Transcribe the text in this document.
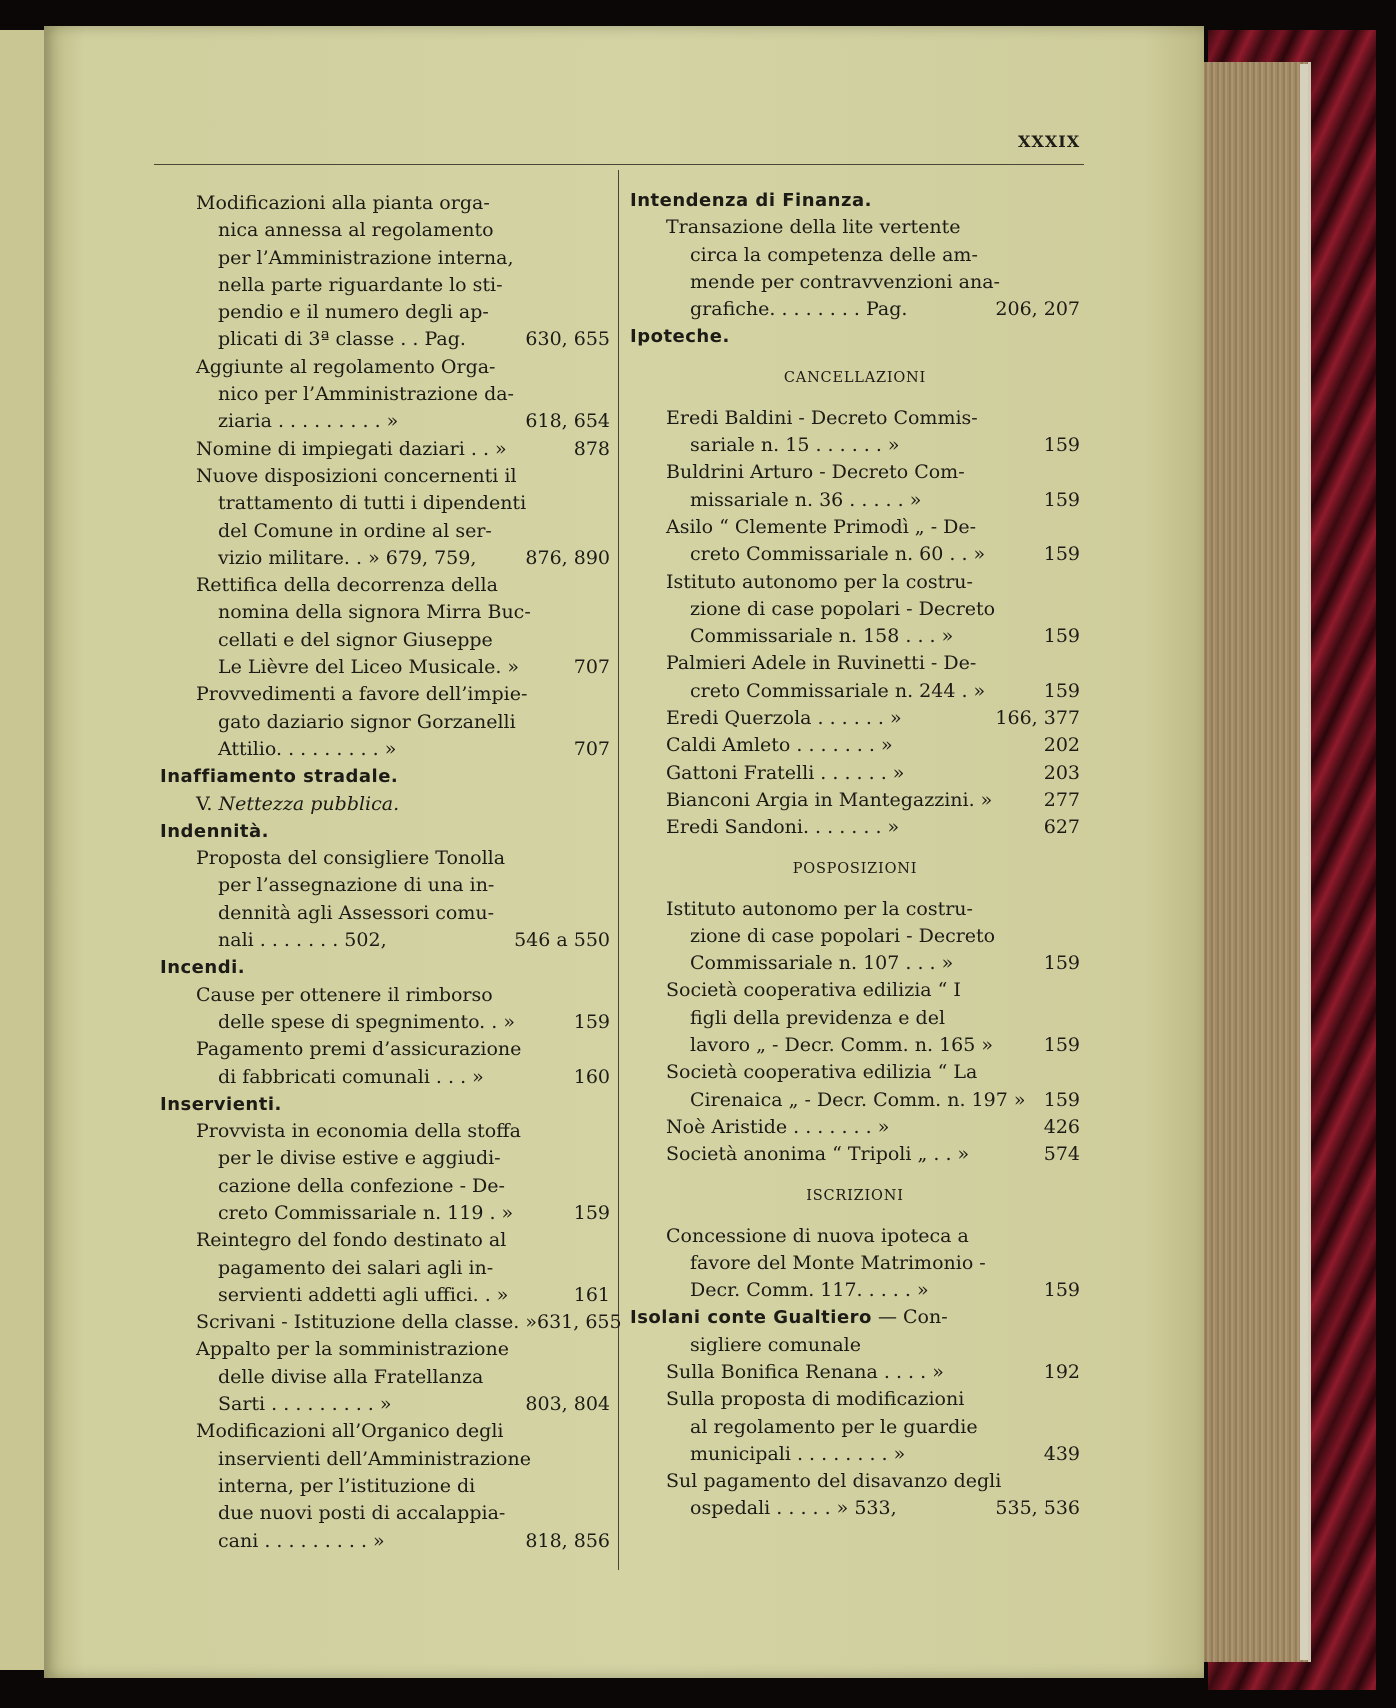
XXXIX

Modificazioni alla pianta orga-

nica annessa al regolamento

per l’Amministrazione interna,

nella parte riguardante lo sti-

pendio e il numero degli ap-

plicati di 3ª classe . . Pag.	630, 655

Aggiunte al regolamento Orga-

nico per l’Amministrazione da-

ziaria . . . . . . . . . »	618, 654

Nomine di impiegati daziari . . »	878

Nuove disposizioni concernenti il

trattamento di tutti i dipendenti

del Comune in ordine al ser-

vizio militare. . » 679, 759,	876, 890

Rettifica della decorrenza della

nomina della signora Mirra Buc-

cellati e del signor Giuseppe

Le Lièvre del Liceo Musicale. »	707

Provvedimenti a favore dell’impie-

gato daziario signor Gorzanelli

Attilio. . . . . . . . . »	707

Inaffiamento stradale.

V. Nettezza pubblica.

Indennità.

Proposta del consigliere Tonolla

per l’assegnazione di una in-

dennità agli Assessori comu-

nali . . . . . . . 502,	546 a 550

Incendi.

Cause per ottenere il rimborso

delle spese di spegnimento. . »	159

Pagamento premi d’assicurazione

di fabbricati comunali . . . »	160

Inservienti.

Provvista in economia della stoffa

per le divise estive e aggiudi-

cazione della confezione - De-

creto Commissariale n. 119 . »	159

Reintegro del fondo destinato al

pagamento dei salari agli in-

servienti addetti agli uffici. . »	161

Scrivani - Istituzione della classe. » 631, 655

Appalto per la somministrazione

delle divise alla Fratellanza

Sarti . . . . . . . . . »	803, 804

Modificazioni all’Organico degli

inservienti dell’Amministrazione

interna, per l’istituzione di

due nuovi posti di accalappia-

cani . . . . . . . . . »	818, 856

Intendenza di Finanza.

Transazione della lite vertente

circa la competenza delle am-

mende per contravvenzioni ana-

grafiche. . . . . . . . Pag.	206, 207

Ipoteche.

CANCELLAZIONI

Eredi Baldini - Decreto Commis-

sariale n. 15 . . . . . . »	159

Buldrini Arturo - Decreto Com-

missariale n. 36 . . . . . »	159

Asilo “ Clemente Primodì „ - De-

creto Commissariale n. 60 . . »	159

Istituto autonomo per la costru-

zione di case popolari - Decreto

Commissariale n. 158 . . . »	159

Palmieri Adele in Ruvinetti - De-

creto Commissariale n. 244 . »	159

Eredi Querzola . . . . . . »	166, 377

Caldi Amleto . . . . . . . »	202

Gattoni Fratelli . . . . . . »	203

Bianconi Argia in Mantegazzini. »	277

Eredi Sandoni. . . . . . . »	627

POSPOSIZIONI

Istituto autonomo per la costru-

zione di case popolari - Decreto

Commissariale n. 107 . . . »	159

Società cooperativa edilizia “ I

figli della previdenza e del

lavoro „ - Decr. Comm. n. 165 »	159

Società cooperativa edilizia “ La

Cirenaica „ - Decr. Comm. n. 197 » 159

Noè Aristide . . . . . . . »	426

Società anonima “ Tripoli „ . . »	574

ISCRIZIONI

Concessione di nuova ipoteca a

favore del Monte Matrimonio -

Decr. Comm. 117. . . . . »	159

Isolani conte Gualtiero — Con-

sigliere comunale

Sulla Bonifica Renana . . . . »	192

Sulla proposta di modificazioni

al regolamento per le guardie

municipali . . . . . . . . »	439

Sul pagamento del disavanzo degli

ospedali . . . . . » 533,	535, 536
